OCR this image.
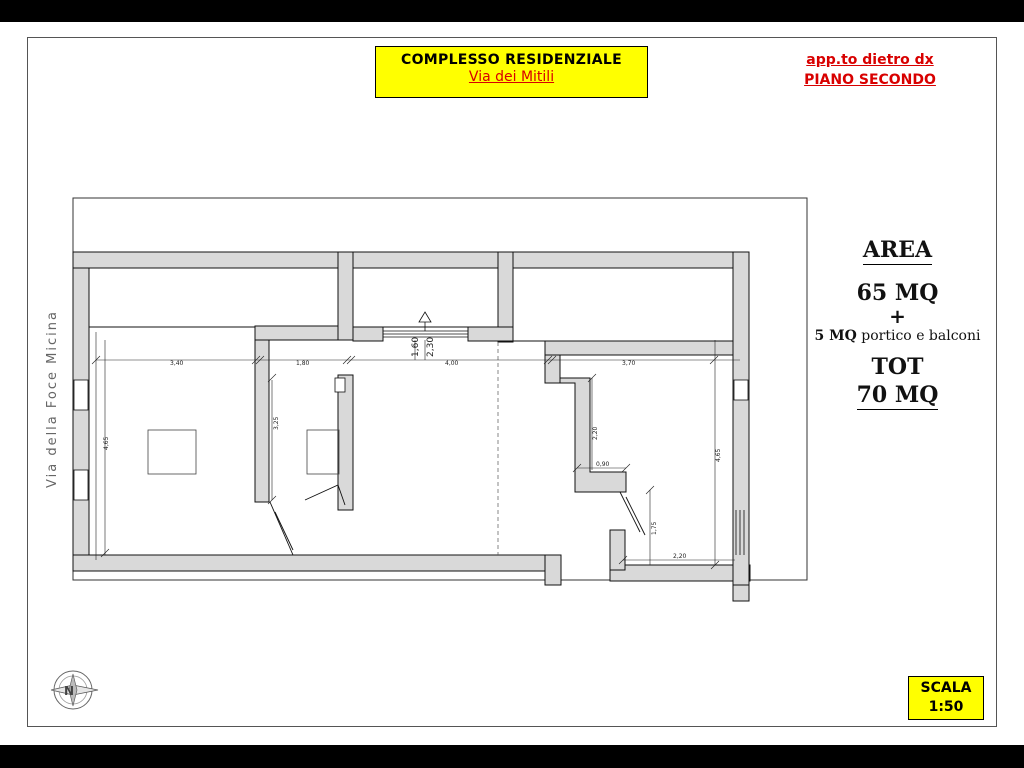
COMPLESSO RESIDENZIALE
Via dei Mitili
app.to dietro dx
PIANO SECONDO
3,40	1,80	4,00	3,70
1,60 2,30
4,65
3,25
2,20
0,90
1,75
2,20
4,65
Via della Foce Micina
N
AREA
65 MQ
+
5 MQ portico e balconi
TOT
70 MQ
SCALA
1:50
